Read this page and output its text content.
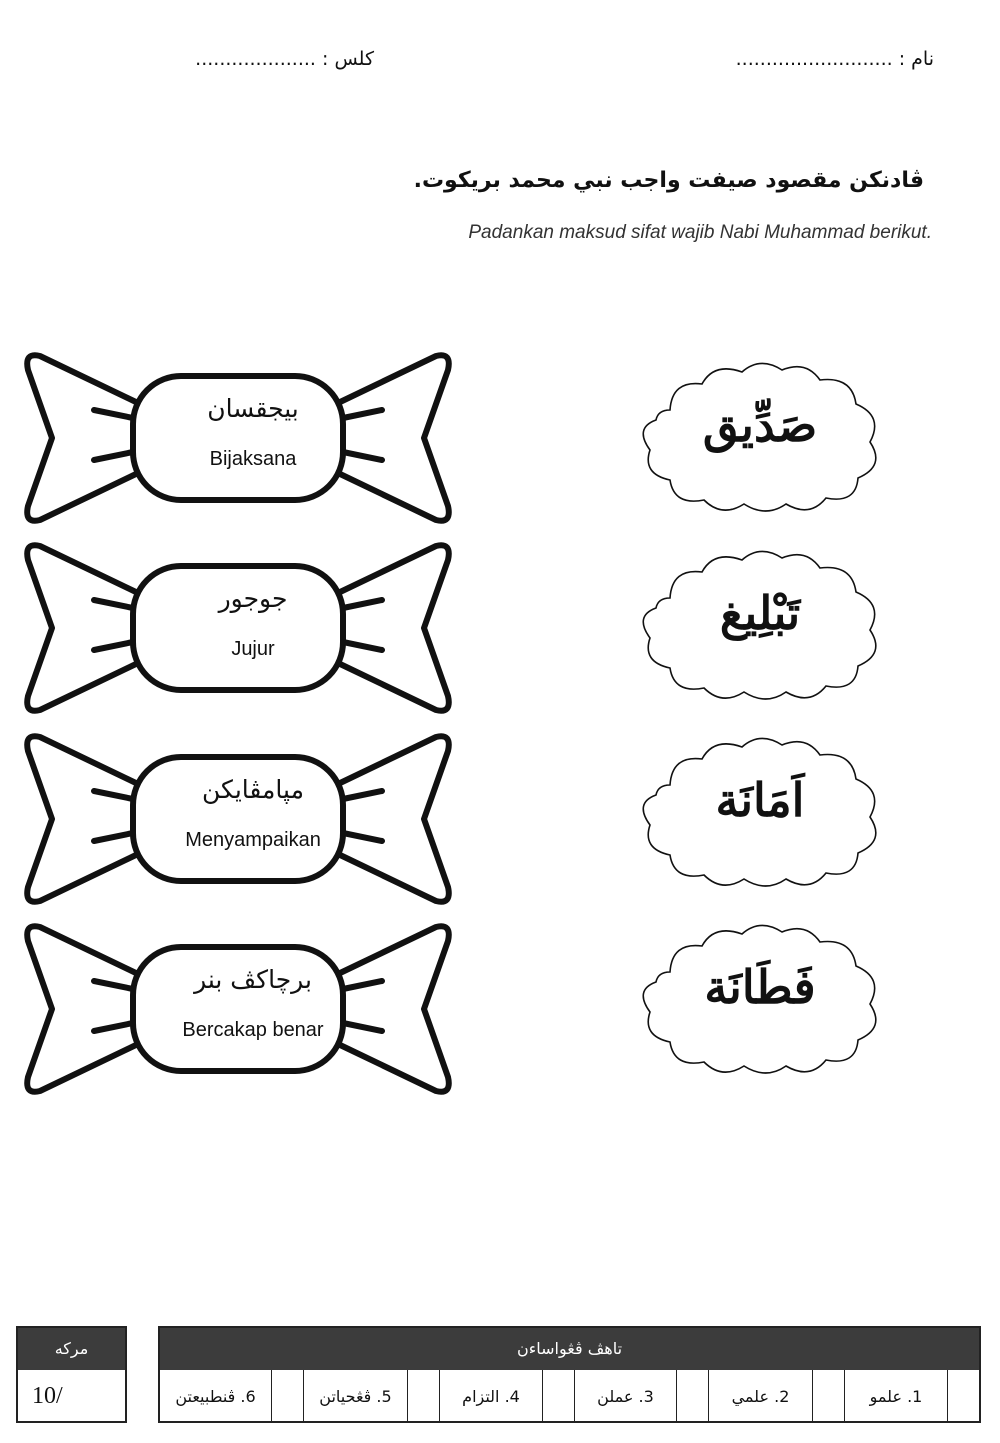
نام : ..........................
كلس : ....................
ڤادنكن مقصود صيفت واجب نبي محمد بريكوت.
Padankan maksud sifat wajib Nabi Muhammad berikut.
بيجقسان
Bijaksana
جوجور
Jujur
مڽامڤايكن
Menyampaikan
برچاكڤ بنر
Bercakap benar
صَدِّيق
تَبْلِيغ
اَمَانَة
فَطَانَة
مركه
10/
تاهڤ ڤڠواساءن
1. علمو
2. علمي
3. عملن
4. التزام
5. ڤڠحياتن
6. ڤنطبيعتن
